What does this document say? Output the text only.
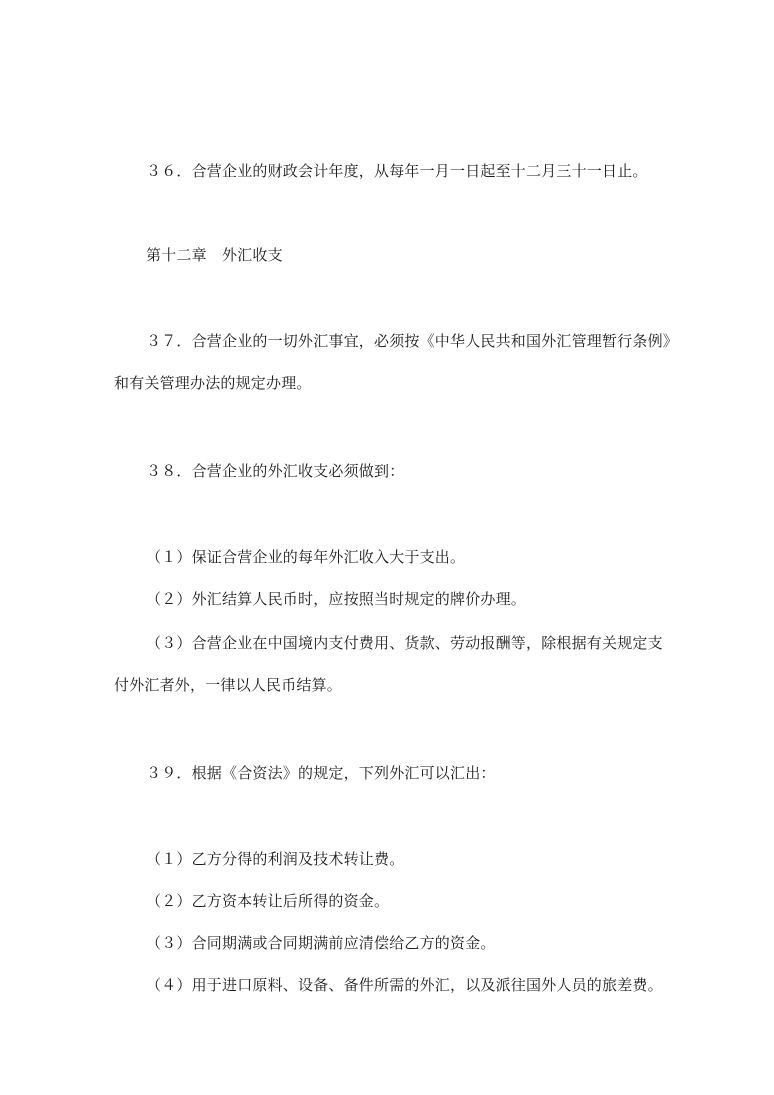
３６．合营企业的财政会计年度，从每年一月一日起至十二月三十一日止。

第十二章　外汇收支

３７．合营企业的一切外汇事宜，必须按《中华人民共和国外汇管理暂行条例》

和有关管理办法的规定办理。

３８．合营企业的外汇收支必须做到：

（１）保证合营企业的每年外汇收入大于支出。

（２）外汇结算人民币时，应按照当时规定的牌价办理。

（３）合营企业在中国境内支付费用、货款、劳动报酬等，除根据有关规定支

付外汇者外，一律以人民币结算。

３９．根据《合资法》的规定，下列外汇可以汇出：

（１）乙方分得的利润及技术转让费。

（２）乙方资本转让后所得的资金。

（３）合同期满或合同期满前应清偿给乙方的资金。

（４）用于进口原料、设备、备件所需的外汇，以及派往国外人员的旅差费。
